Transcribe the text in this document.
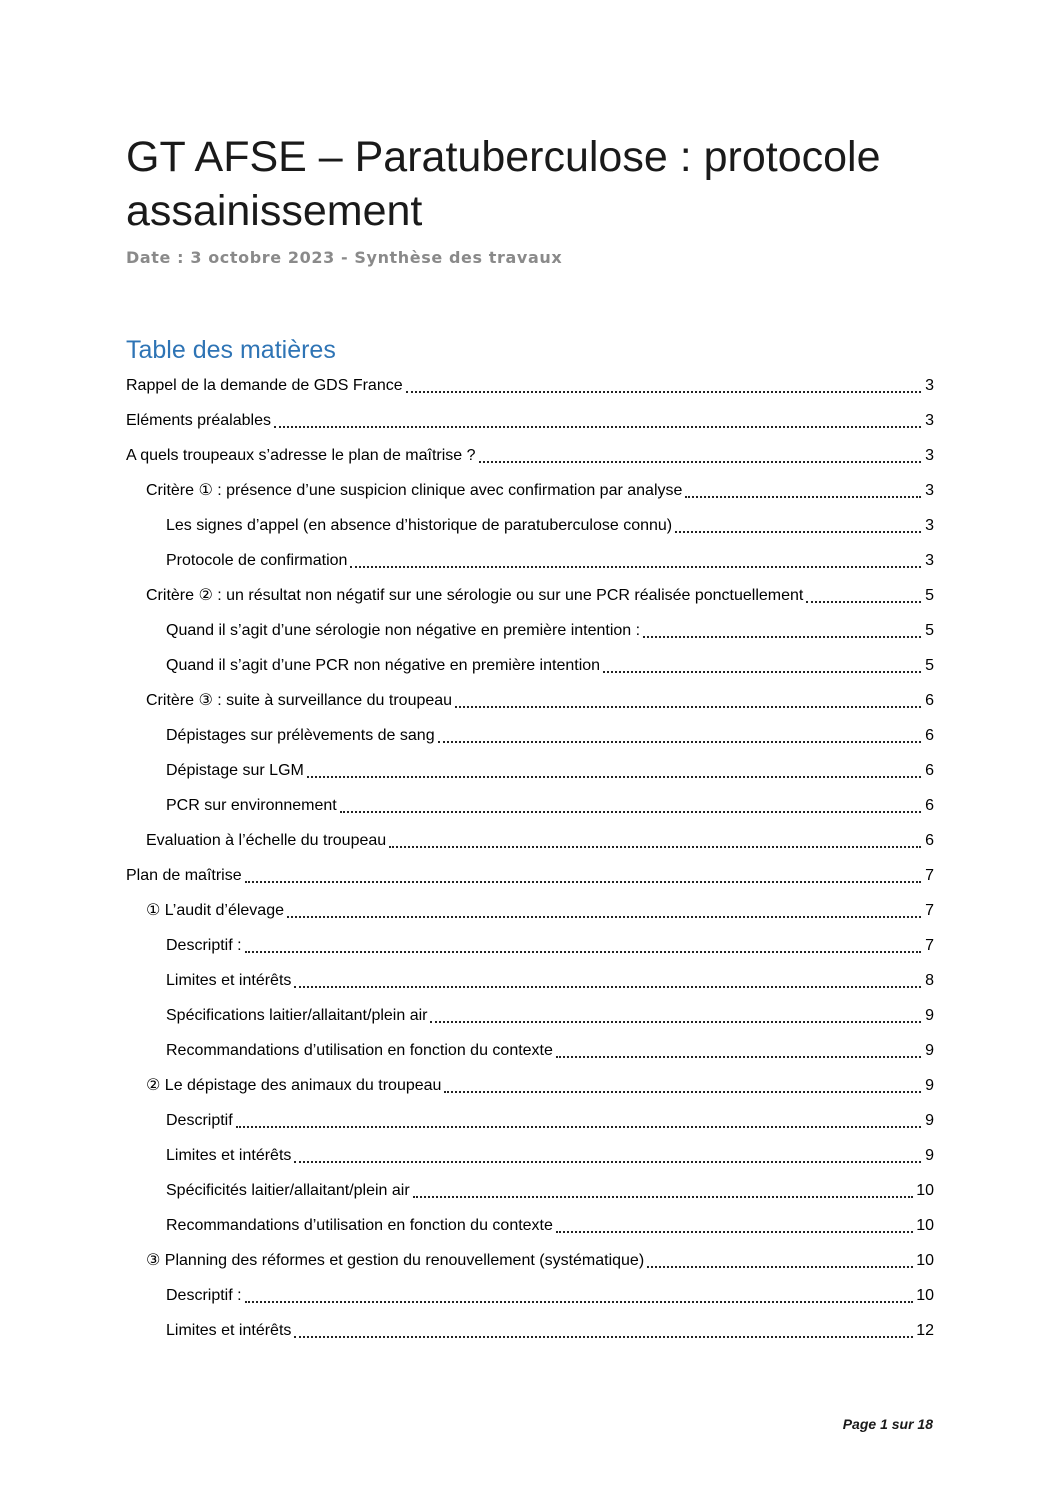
GT AFSE – Paratuberculose : protocole assainissement

Date : 3 octobre 2023 - Synthèse des travaux

Table des matières
Rappel de la demande de GDS France	3
Eléments préalables	3
A quels troupeaux s’adresse le plan de maîtrise ?	3
Critère ① : présence d’une suspicion clinique avec confirmation par analyse	3
Les signes d’appel (en absence d’historique de paratuberculose connu)	3
Protocole de confirmation	3
Critère ② : un résultat non négatif sur une sérologie ou sur une PCR réalisée ponctuellement	5
Quand il s’agit d’une sérologie non négative en première intention :	5
Quand il s’agit d’une PCR non négative en première intention	5
Critère ③ : suite à surveillance du troupeau	6
Dépistages sur prélèvements de sang	6
Dépistage sur LGM	6
PCR sur environnement	6
Evaluation à l’échelle du troupeau	6
Plan de maîtrise	7
① L’audit d’élevage	7
Descriptif :	7
Limites et intérêts	8
Spécifications laitier/allaitant/plein air	9
Recommandations d’utilisation en fonction du contexte	9
② Le dépistage des animaux du troupeau	9
Descriptif	9
Limites et intérêts	9
Spécificités laitier/allaitant/plein air	10
Recommandations d’utilisation en fonction du contexte	10
③ Planning des réformes et gestion du renouvellement (systématique)	10
Descriptif :	10
Limites et intérêts	12

Page 1 sur 18
